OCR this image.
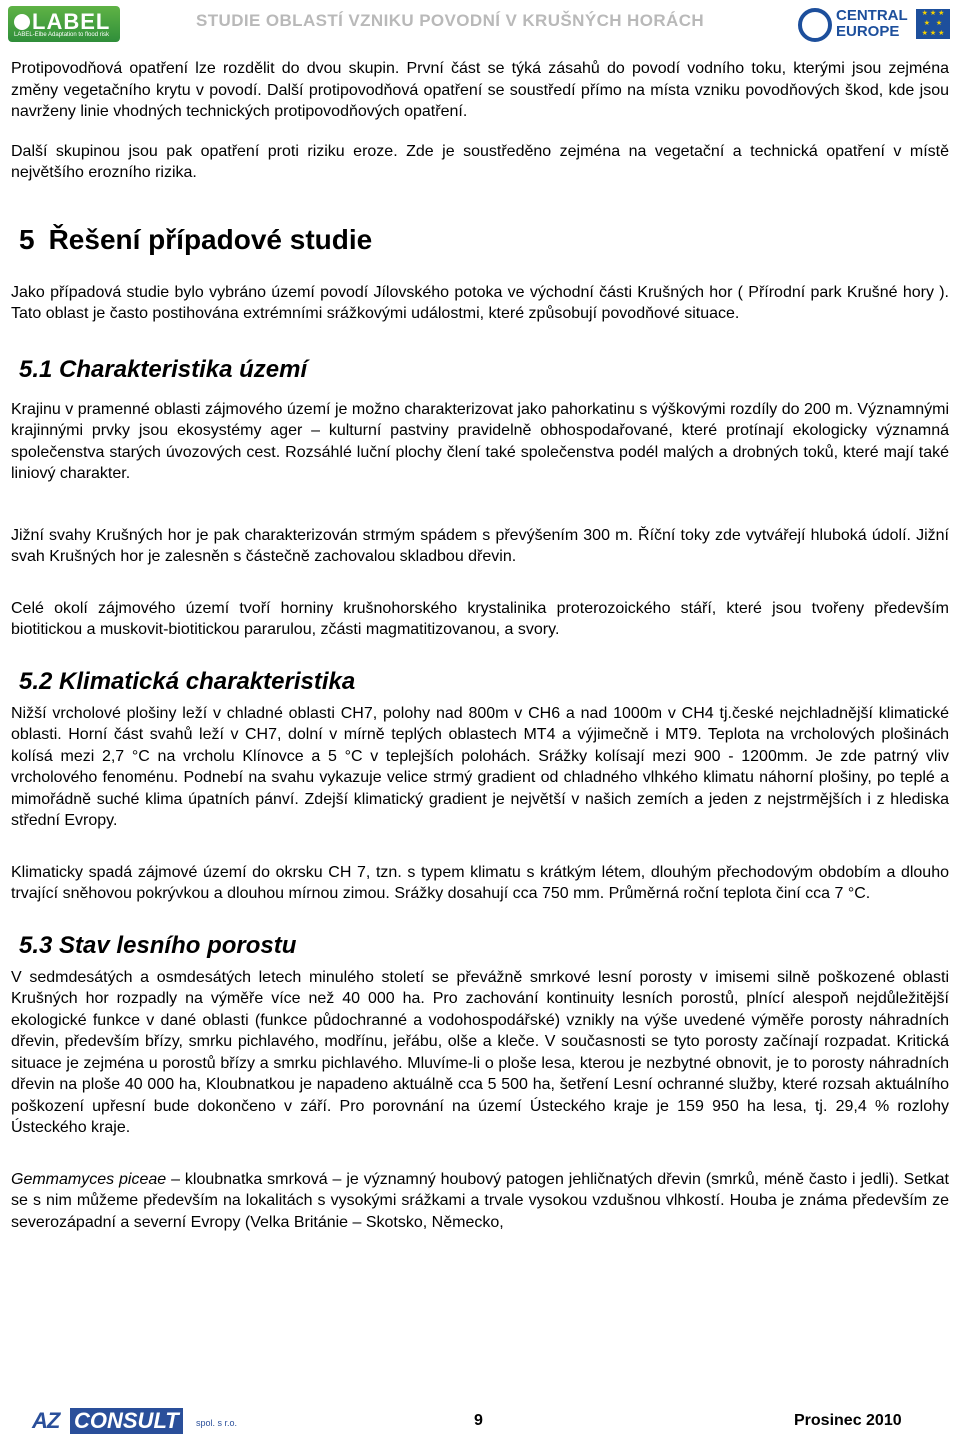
LABEL
LABEL-Elbe Adaptation to flood risk
STUDIE OBLASTÍ VZNIKU POVODNÍ V KRUŠNÝCH HORÁCH	CENTRAL
EUROPE
★ ★ ★
★   ★
★ ★ ★

Protipovodňová opatření lze rozdělit do dvou skupin. První část se týká zásahů do povodí vodního toku, kterými jsou zejména změny vegetačního krytu v povodí. Další protipovodňová opatření se soustředí přímo na místa vzniku povodňových škod, kde jsou navrženy linie vhodných technických protipovodňových opatření.

Další skupinou jsou pak opatření proti riziku eroze. Zde je soustředěno zejména na vegetační a technická opatření v místě největšího erozního rizika.

5 Řešení případové studie

Jako případová studie bylo vybráno území povodí Jílovského potoka ve východní části Krušných hor ( Přírodní park Krušné hory ). Tato oblast je často postihována extrémními srážkovými událostmi, které způsobují povodňové situace.

5.1 Charakteristika území

Krajinu v pramenné oblasti zájmového území je možno charakterizovat jako pahorkatinu s výškovými rozdíly do 200 m. Významnými krajinnými prvky jsou ekosystémy ager – kulturní pastviny pravidelně obhospodařované, které protínají ekologicky významná společenstva starých úvozových cest. Rozsáhlé luční plochy člení také společenstva podél malých a drobných toků, které mají také liniový charakter.

Jižní svahy Krušných hor je pak charakterizován strmým spádem s převýšením 300 m. Říční toky zde vytvářejí hluboká údolí. Jižní svah Krušných hor je zalesněn s částečně zachovalou skladbou dřevin.

Celé okolí zájmového území tvoří horniny krušnohorského krystalinika proterozoického stáří, které jsou tvořeny především biotitickou a muskovit-biotitickou pararulou, zčásti magmatitizovanou, a svory.

5.2 Klimatická charakteristika

Nižší vrcholové plošiny leží v chladné oblasti CH7, polohy nad 800m v CH6 a nad 1000m v CH4 tj.české nejchladnější klimatické oblasti. Horní část svahů leží v CH7, dolní v mírně teplých oblastech MT4 a výjimečně i MT9. Teplota na vrcholových plošinách kolísá mezi 2,7 °C na vrcholu Klínovce a 5 °C v teplejších polohách. Srážky kolísají mezi 900 - 1200mm. Je zde patrný vliv vrcholového fenoménu. Podnebí na svahu vykazuje velice strmý gradient od chladného vlhkého klimatu náhorní plošiny, po teplé a mimořádně suché klima úpatních pánví. Zdejší klimatický gradient je největší v našich zemích a jeden z nejstrmějších i z hlediska střední Evropy.

Klimaticky spadá zájmové území do okrsku CH 7, tzn. s typem klimatu s krátkým létem, dlouhým přechodovým obdobím a dlouho trvající sněhovou pokrývkou a dlouhou mírnou zimou. Srážky dosahují cca 750 mm. Průměrná roční teplota činí cca 7 °C.

5.3 Stav lesního porostu

V sedmdesátých a osmdesátých letech minulého století se převážně smrkové lesní porosty v imisemi silně poškozené oblasti Krušných hor rozpadly na výměře více než 40 000 ha. Pro zachování kontinuity lesních porostů, plnící alespoň nejdůležitější ekologické funkce v dané oblasti (funkce půdochranné a vodohospodářské) vznikly na výše uvedené výměře porosty náhradních dřevin, především břízy, smrku pichlavého, modřínu, jeřábu, olše a kleče. V současnosti se tyto porosty začínají rozpadat. Kritická situace je zejména u porostů břízy a smrku pichlavého. Mluvíme-li o ploše lesa, kterou je nezbytné obnovit, je to porosty náhradních dřevin na ploše 40 000 ha, Kloubnatkou je napadeno aktuálně cca 5 500 ha, šetření Lesní ochranné služby, které rozsah aktuálního poškození upřesní bude dokončeno v září. Pro porovnání na území Ústeckého kraje je 159 950 ha lesa, tj. 29,4 % rozlohy Ústeckého kraje.

Gemmamyces piceae – kloubnatka smrková – je významný houbový patogen jehličnatých dřevin (smrků, méně často i jedli). Setkat se s nim můžeme především na lokalitách s vysokými srážkami a trvale vysokou vzdušnou vlhkostí. Houba je známa především ze severozápadní a severní Evropy (Velka Británie – Skotsko, Německo,

AZ CONSULT	spol. s r.o.	9	Prosinec 2010
